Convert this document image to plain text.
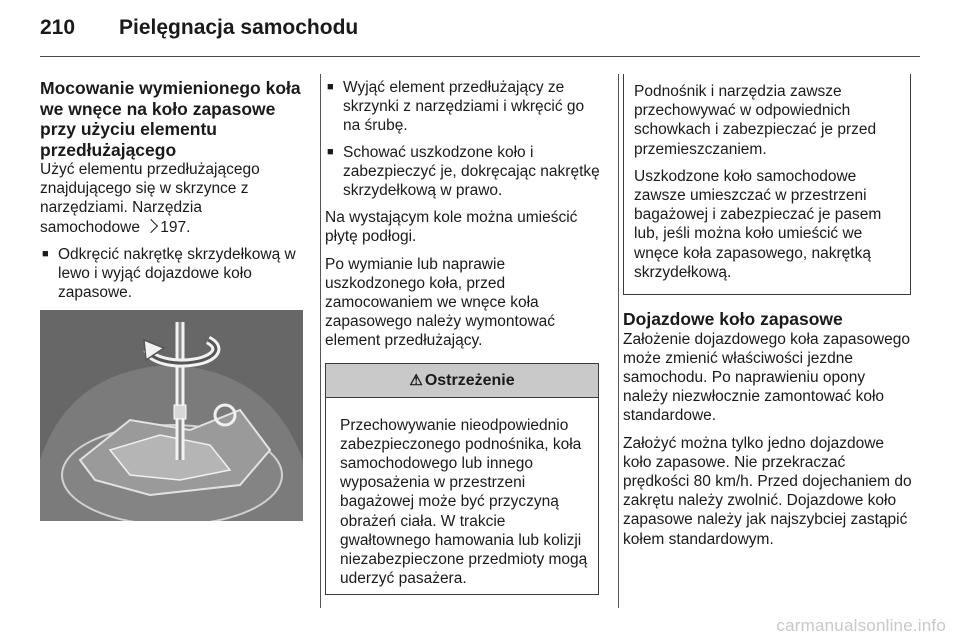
210	Pielęgnacja samochodu
Mocowanie wymienionego koła we wnęce na koło zapasowe przy użyciu elementu przedłużającego

Użyć elementu przedłużającego znajdującego się w skrzynce z narzędziami. Narzędzia samochodowe 197.

■ Odkręcić nakrętkę skrzydełkową w lewo i wyjąć dojazdowe koło zapasowe.
■ Wyjąć element przedłużający ze skrzynki z narzędziami i wkręcić go na śrubę.
■ Schować uszkodzone koło i zabezpieczyć je, dokręcając nakrętkę skrzydełkową w prawo.

Na wystającym kole można umieścić płytę podłogi.

Po wymianie lub naprawie uszkodzonego koła, przed zamocowaniem we wnęce koła zapasowego należy wymontować element przedłużający.

⚠ Ostrzeżenie
Przechowywanie nieodpowiednio zabezpieczonego podnośnika, koła samochodowego lub innego wyposażenia w przestrzeni bagażowej może być przyczyną obrażeń ciała. W trakcie gwałtownego hamowania lub kolizji niezabezpieczone przedmioty mogą uderzyć pasażera.

Podnośnik i narzędzia zawsze przechowywać w odpowiednich schowkach i zabezpieczać je przed przemieszczaniem.

Uszkodzone koło samochodowe zawsze umieszczać w przestrzeni bagażowej i zabezpieczać je pasem lub, jeśli można koło umieścić we wnęce koła zapasowego, nakrętką skrzydełkową.

Dojazdowe koło zapasowe

Założenie dojazdowego koła zapasowego może zmienić właściwości jezdne samochodu. Po naprawieniu opony należy niezwłocznie zamontować koło standardowe.

Założyć można tylko jedno dojazdowe koło zapasowe. Nie przekraczać prędkości 80 km/h. Przed dojechaniem do zakrętu należy zwolnić. Dojazdowe koło zapasowe należy jak najszybciej zastąpić kołem standardowym.

carmanualsonline.info
